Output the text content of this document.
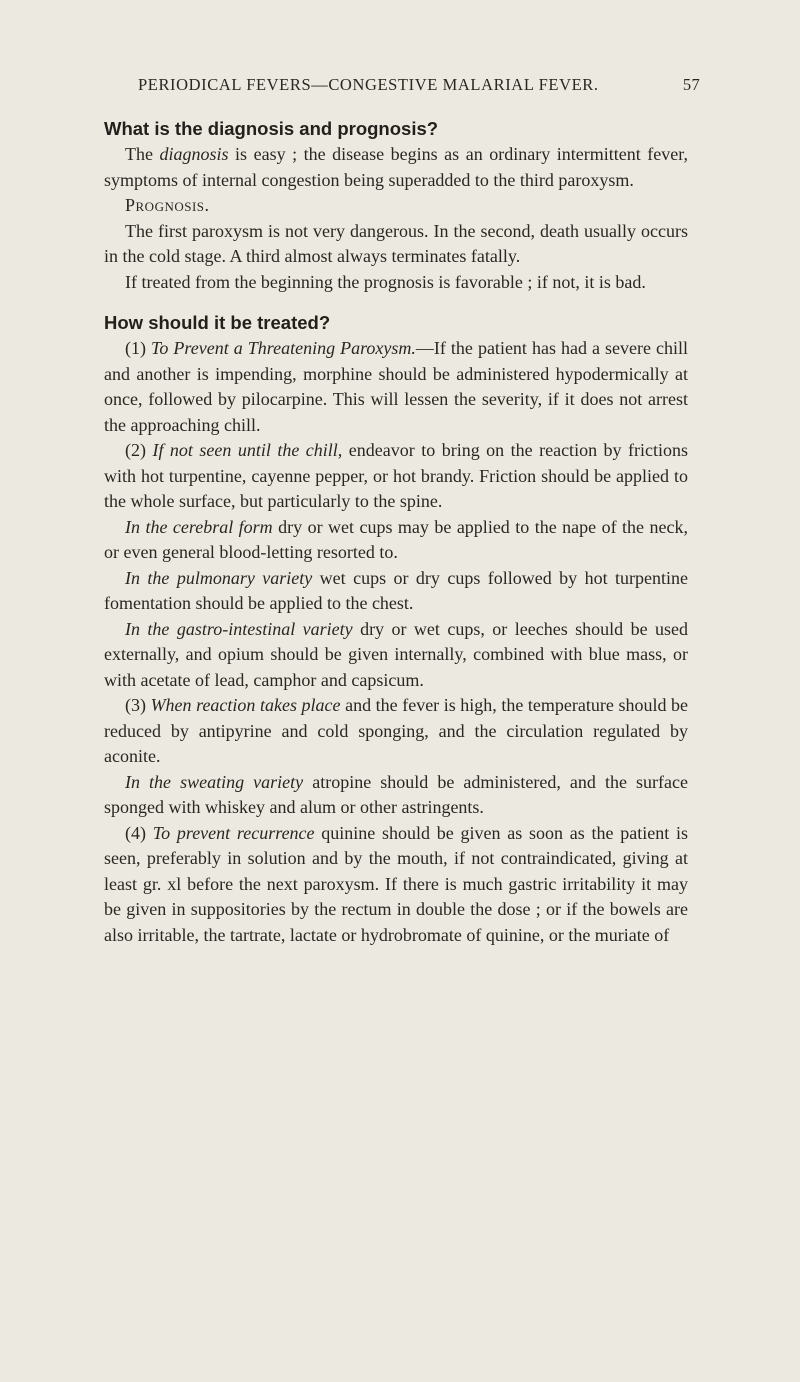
PERIODICAL FEVERS—CONGESTIVE MALARIAL FEVER.	57
What is the diagnosis and prognosis?

The diagnosis is easy ; the disease begins as an ordinary intermittent fever, symptoms of internal congestion being superadded to the third paroxysm.

Prognosis.

The first paroxysm is not very dangerous. In the second, death usually occurs in the cold stage. A third almost always terminates fatally.

If treated from the beginning the prognosis is favorable ; if not, it is bad.

How should it be treated?

(1) To Prevent a Threatening Paroxysm.—If the patient has had a severe chill and another is impending, morphine should be administered hypodermically at once, followed by pilocarpine. This will lessen the severity, if it does not arrest the approaching chill.

(2) If not seen until the chill, endeavor to bring on the reaction by frictions with hot turpentine, cayenne pepper, or hot brandy. Friction should be applied to the whole surface, but particularly to the spine.

In the cerebral form dry or wet cups may be applied to the nape of the neck, or even general blood-letting resorted to.

In the pulmonary variety wet cups or dry cups followed by hot turpentine fomentation should be applied to the chest.

In the gastro-intestinal variety dry or wet cups, or leeches should be used externally, and opium should be given internally, combined with blue mass, or with acetate of lead, camphor and capsicum.

(3) When reaction takes place and the fever is high, the temperature should be reduced by antipyrine and cold sponging, and the circulation regulated by aconite.

In the sweating variety atropine should be administered, and the surface sponged with whiskey and alum or other astringents.

(4) To prevent recurrence quinine should be given as soon as the patient is seen, preferably in solution and by the mouth, if not contraindicated, giving at least gr. xl before the next paroxysm. If there is much gastric irritability it may be given in suppositories by the rectum in double the dose ; or if the bowels are also irritable, the tartrate, lactate or hydrobromate of quinine, or the muriate of
